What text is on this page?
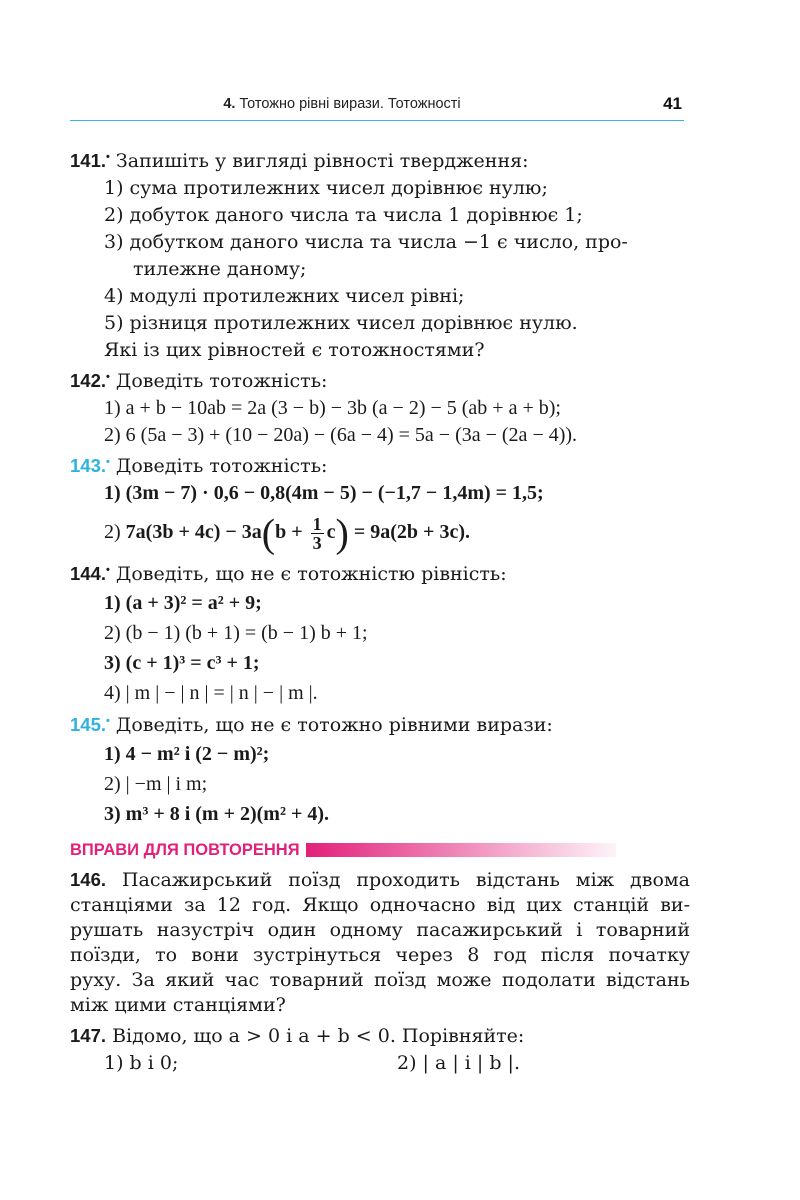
4. Тотожно рівні вирази. Тотожності	41
141.• Запишіть у вигляді рівності твердження:
1) сума протилежних чисел дорівнює нулю;
2) добуток даного числа та числа 1 дорівнює 1;
3) добутком даного числа та числа −1 є число, про-
тилежне даному;
4) модулі протилежних чисел рівні;
5) різниця протилежних чисел дорівнює нулю.
Які із цих рівностей є тотожностями?
142.• Доведіть тотожність:
1) a + b − 10ab = 2a (3 − b) − 3b (a − 2) − 5 (ab + a + b);
2) 6 (5a − 3) + (10 − 20a) − (6a − 4) = 5a − (3a − (2a − 4)).
143.• Доведіть тотожність:
1) (3m − 7) · 0,6 − 0,8(4m − 5) − (−1,7 − 1,4m) = 1,5;
2) $7a(3b + 4c) - 3a(b + \frac{1}{3} c) = 9a(2b + 3c)$.
144.• Доведіть, що не є тотожністю рівність:
1) (a + 3)² = a² + 9;
2) (b − 1) (b + 1) = (b − 1) b + 1;
3) (c + 1)³ = c³ + 1;
4) | m | − | n | = | n | − | m |.
145.• Доведіть, що не є тотожно рівними вирази:
1) 4 − m² і (2 − m)²;
2) | −m | і m;
3) m³ + 8 і (m + 2)(m² + 4).
ВПРАВИ ДЛЯ ПОВТОРЕННЯ
146. Пасажирський поїзд проходить відстань між двома
станціями за 12 год. Якщо одночасно від цих станцій ви-
рушать назустріч один одному пасажирський і товарний
поїзди, то вони зустрінуться через 8 год після початку
руху. За який час товарний поїзд може подолати відстань
між цими станціями?
147. Відомо, що a > 0 і a + b < 0. Порівняйте:
1) b і 0;	2) | a | і | b |.
